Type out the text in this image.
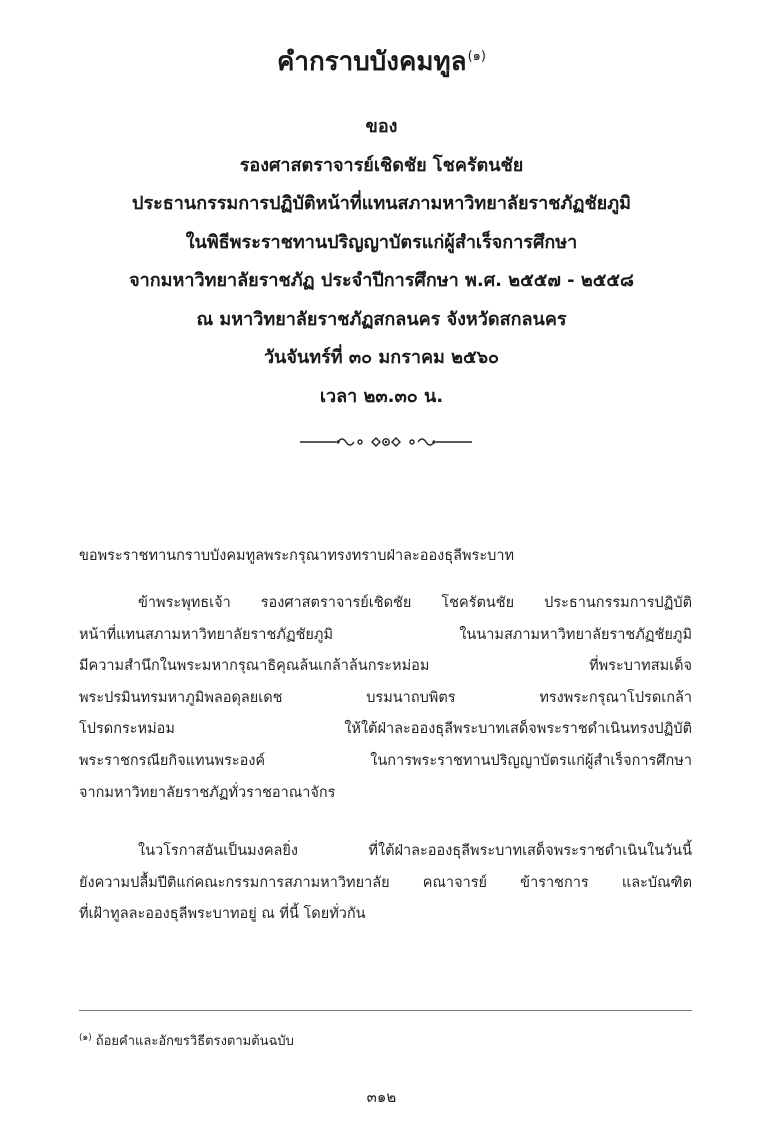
คำกราบบังคมทูล$^{(๑)}$
ของ
รองศาสตราจารย์เชิดชัย โชครัตนชัย
ประธานกรรมการปฏิบัติหน้าที่แทนสภามหาวิทยาลัยราชภัฏชัยภูมิ
ในพิธีพระราชทานปริญญาบัตรแก่ผู้สำเร็จการศึกษา
จากมหาวิทยาลัยราชภัฏ ประจำปีการศึกษา พ.ศ. ๒๕๕๗ - ๒๕๕๘
ณ มหาวิทยาลัยราชภัฏสกลนคร จังหวัดสกลนคร
วันจันทร์ที่ ๓๐ มกราคม ๒๕๖๐
เวลา ๒๓.๓๐ น.
ขอพระราชทานกราบบังคมทูลพระกรุณาทรงทราบฝ่าละอองธุลีพระบาท
ข้าพระพุทธเจ้า รองศาสตราจารย์เชิดชัย โชครัตนชัย ประธานกรรมการปฏิบัติ
หน้าที่แทนสภามหาวิทยาลัยราชภัฏชัยภูมิ ในนามสภามหาวิทยาลัยราชภัฏชัยภูมิ
มีความสำนึกในพระมหากรุณาธิคุณล้นเกล้าล้นกระหม่อม ที่พระบาทสมเด็จ
พระปรมินทรมหาภูมิพลอดุลยเดช บรมนาถบพิตร ทรงพระกรุณาโปรดเกล้า
โปรดกระหม่อม ให้ใต้ฝ่าละอองธุลีพระบาทเสด็จพระราชดำเนินทรงปฏิบัติ
พระราชกรณียกิจแทนพระองค์ ในการพระราชทานปริญญาบัตรแก่ผู้สำเร็จการศึกษา
จากมหาวิทยาลัยราชภัฏทั่วราชอาณาจักร
ในวโรกาสอันเป็นมงคลยิ่ง ที่ใต้ฝ่าละอองธุลีพระบาทเสด็จพระราชดำเนินในวันนี้
ยังความปลื้มปีติแก่คณะกรรมการสภามหาวิทยาลัย คณาจารย์ ข้าราชการ และบัณฑิต
ที่เฝ้าทูลละอองธุลีพระบาทอยู่ ณ ที่นี้ โดยทั่วกัน
$^{(๑)}$ ถ้อยคำและอักขรวิธีตรงตามต้นฉบับ
๓๑๒
